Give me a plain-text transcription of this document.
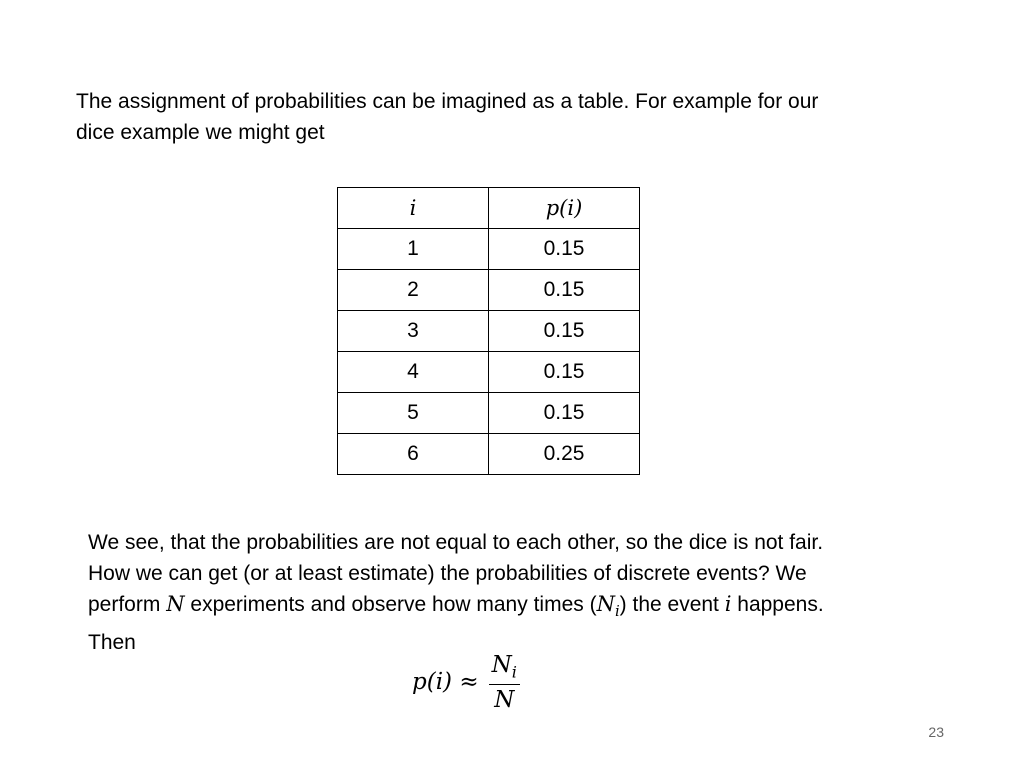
The assignment of probabilities can be imagined as a table. For example for our
dice example we might get

i	p(i)
1	0.15
2	0.15
3	0.15
4	0.15
5	0.15
6	0.25

We see, that the probabilities are not equal to each other, so the dice is not fair.
How we can get (or at least estimate) the probabilities of discrete events? We
perform N experiments and observe how many times $(N_i)$ the event i happens.
Then

$p(i) \approx \frac{N_i}{N}$
23
